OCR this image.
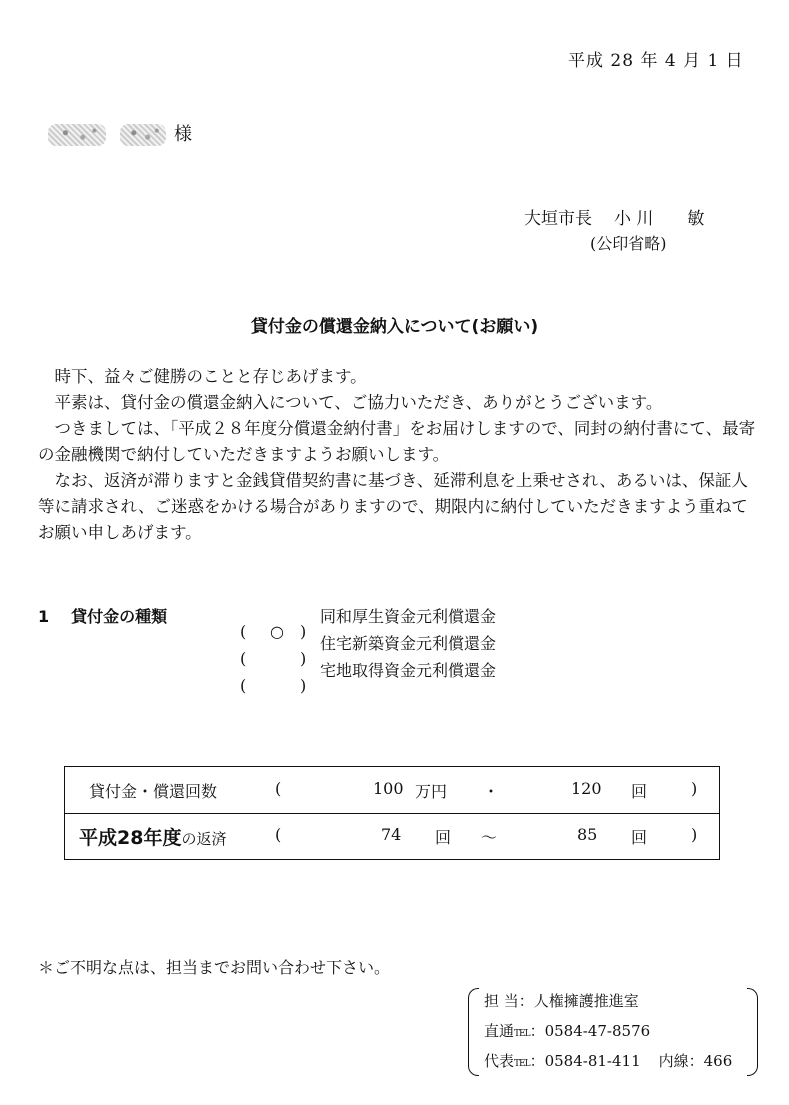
平成 28 年 4 月 1 日
様
大垣市長 小 川 敏
(公印省略)
貸付金の償還金納入について(お願い)
時下、益々ご健勝のことと存じあげます。
平素は、貸付金の償還金納入について、ご協力いただき、ありがとうございます。
つきましては、「平成２８年度分償還金納付書」をお届けしますので、同封の納付書にて、最寄の金融機関で納付していただきますようお願いします。
なお、返済が滞りますと金銭貸借契約書に基づき、延滞利息を上乗せされ、あるいは、保証人等に請求され、ご迷惑をかける場合がありますので、期限内に納付していただきますよう重ねてお願い申しあげます。
1 貸付金の種類
( ○ )
同和厚生資金元利償還金
(	)
住宅新築資金元利償還金
(	)
宅地取得資金元利償還金
貸付金・償還回数	(	100 万円 ・	120 回	)
平成28年度の返済	(	74 回 ～	85 回	)
＊ご不明な点は、担当までお問い合わせ下さい。
担 当：人権擁護推進室
直通TEL：0584-47-8576
代表TEL：0584-81-411 内線：466
